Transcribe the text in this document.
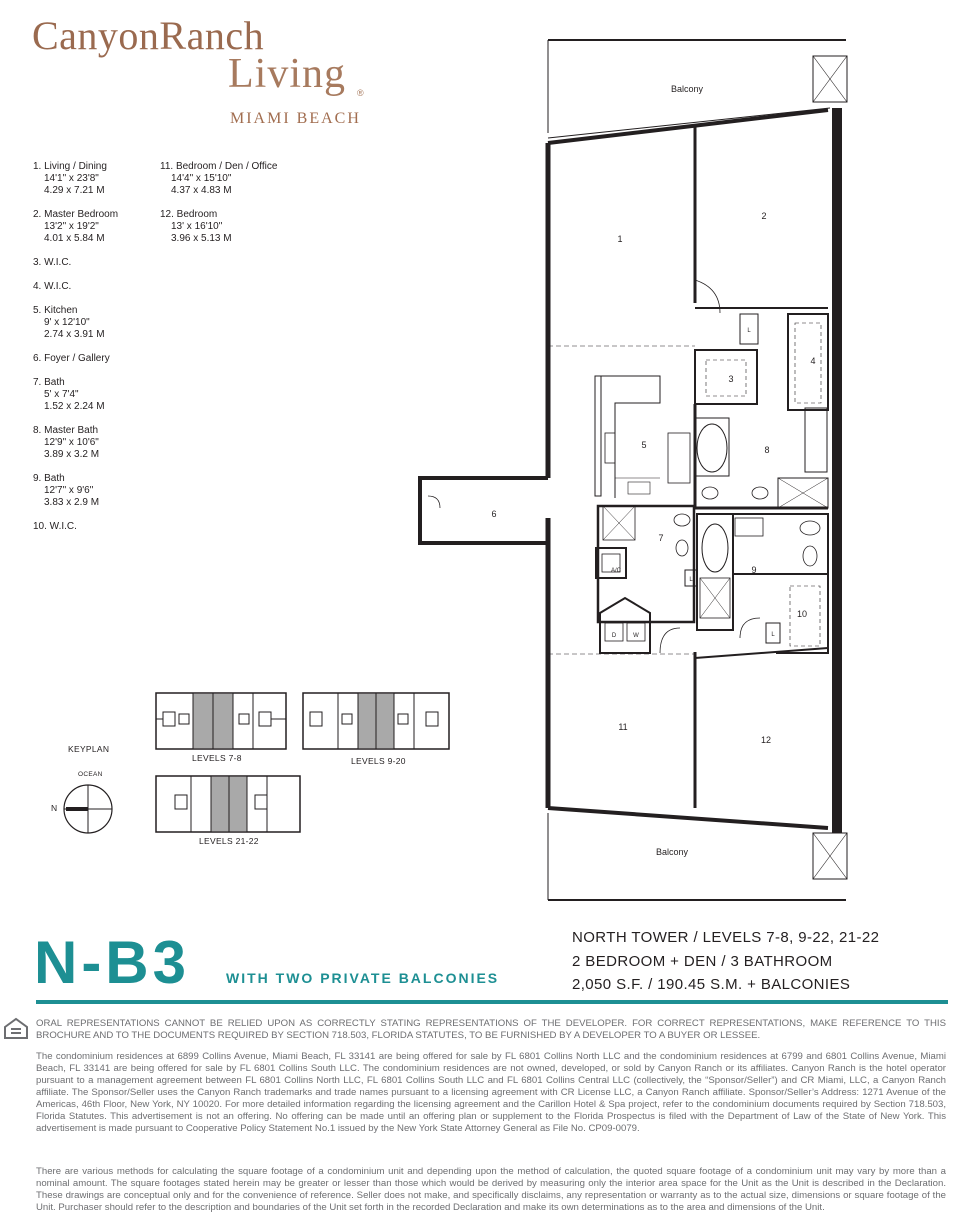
CanyonRanch
Living ®
MIAMI BEACH
1. Living / Dining
14'1" x 23'8"
4.29 x 7.21 M
2. Master Bedroom
13'2" x 19'2"
4.01 x 5.84 M
3. W.I.C.
4. W.I.C.
5. Kitchen
9' x 12'10"
2.74 x 3.91 M
6. Foyer / Gallery
7. Bath
5' x 7'4"
1.52 x 2.24 M
8. Master Bath
12'9" x 10'6"
3.89 x 3.2 M
9. Bath
12'7" x 9'6"
3.83 x 2.9 M
10. W.I.C.
11. Bedroom / Den / Office
14'4" x 15'10"
4.37 x 4.83 M
12. Bedroom
13' x 16'10"
3.96 x 5.13 M
KEYPLAN
LEVELS 7-8	LEVELS 9-20
LEVELS 21-22
OCEAN
N
Balcony
Balcony
1
2
3
4
5
6
7
8
9
10
11
12
A/C
D	W
L
L
L
N-B3	WITH TWO PRIVATE BALCONIES
NORTH TOWER / LEVELS 7-8, 9-22, 21-22
2 BEDROOM + DEN / 3 BATHROOM
2,050 S.F. / 190.45 S.M. + BALCONIES
ORAL REPRESENTATIONS CANNOT BE RELIED UPON AS CORRECTLY STATING REPRESENTATIONS OF THE DEVELOPER. FOR CORRECT REPRESENTATIONS, MAKE REFERENCE TO THIS BROCHURE AND TO THE DOCUMENTS REQUIRED BY SECTION 718.503, FLORIDA STATUTES, TO BE FURNISHED BY A DEVELOPER TO A BUYER OR LESSEE.
The condominium residences at 6899 Collins Avenue, Miami Beach, FL 33141 are being offered for sale by FL 6801 Collins North LLC and the condominium residences at 6799 and 6801 Collins Avenue, Miami Beach, FL 33141 are being offered for sale by FL 6801 Collins South LLC. The condominium residences are not owned, developed, or sold by Canyon Ranch or its affiliates. Canyon Ranch is the hotel operator pursuant to a management agreement between FL 6801 Collins North LLC, FL 6801 Collins South LLC and FL 6801 Collins Central LLC (collectively, the “Sponsor/Seller”) and CR Miami, LLC, a Canyon Ranch affiliate. The Sponsor/Seller uses the Canyon Ranch trademarks and trade names pursuant to a licensing agreement with CR License LLC, a Canyon Ranch affiliate. Sponsor/Seller’s Address: 1271 Avenue of the Americas, 46th Floor, New York, NY 10020. For more detailed information regarding the licensing agreement and the Carillon Hotel & Spa project, refer to the condominium documents required by Section 718.503, Florida Statutes. This advertisement is not an offering. No offering can be made until an offering plan or supplement to the Florida Prospectus is filed with the Department of Law of the State of New York. This advertisement is made pursuant to Cooperative Policy Statement No.1 issued by the New York State Attorney General as File No. CP09-0079.
There are various methods for calculating the square footage of a condominium unit and depending upon the method of calculation, the quoted square footage of a condominium unit may vary by more than a nominal amount. The square footages stated herein may be greater or lesser than those which would be derived by measuring only the interior area space for the Unit as the Unit is described in the Declaration. These drawings are conceptual only and for the convenience of reference. Seller does not make, and specifically disclaims, any representation or warranty as to the actual size, dimensions or square footage of the Unit. Purchaser should refer to the description and boundaries of the Unit set forth in the recorded Declaration and make its own determinations as to the area and dimensions of the Unit.
